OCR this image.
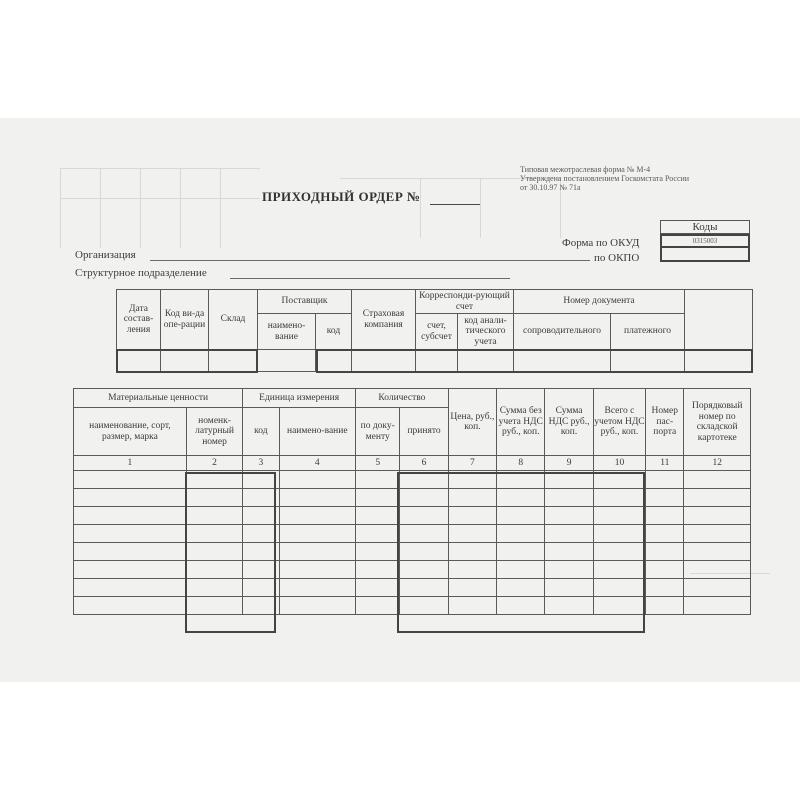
Типовая межотраслевая форма № М-4
Утверждена постановлением Госкомстата России
от 30.10.97 № 71а
ПРИХОДНЫЙ ОРДЕР №
Коды
0315003
Форма по ОКУД
по ОКПО
Организация
Структурное подразделение
Дата состав-ления	Код ви-да опе-рации	Склад	Поставщик		Страховая компания	Корреспонди-рующий счет		Номер документа		
			наимено-вание	код		счет, субсчет	код анали-тического учета	сопроводительного	платежного	

Материальные ценности		Единица измерения		Количество		Цена, руб., коп.	Сумма без учета НДС руб., коп.	Сумма НДС руб., коп.	Всего с учетом НДС руб., коп.	Номер пас-порта	Порядковый номер по складской картотеке
наименование, сорт, размер, марка	номенк-латурный номер	код	наимено-вание	по доку-менту	принято						
1	2	3	4	5	6	7	8	9	10	11	12
